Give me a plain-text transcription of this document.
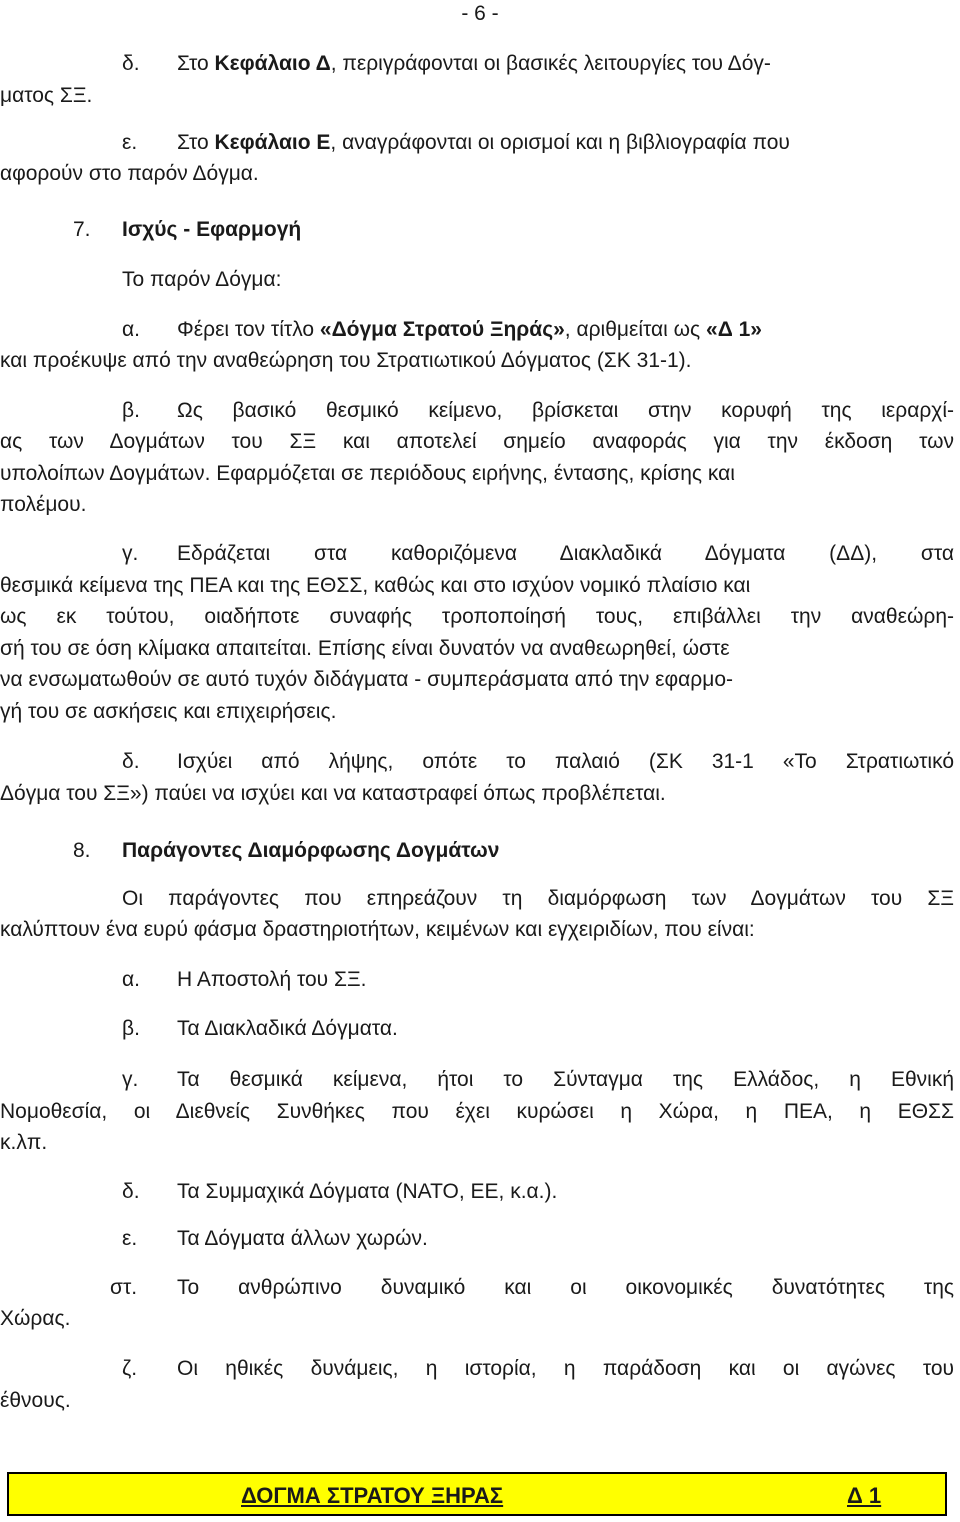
- 6 -
δ. Στο Κεφάλαιο Δ, περιγράφονται οι βασικές λειτουργίες του Δόγ-
ματος ΣΞ.
ε. Στο Κεφάλαιο Ε, αναγράφονται οι ορισμοί και η βιβλιογραφία που
αφορούν στο παρόν Δόγμα.
7. Ισχύς - Εφαρμογή
Το παρόν Δόγμα:
α. Φέρει τον τίτλο «Δόγμα Στρατού Ξηράς», αριθμείται ως «Δ 1»
και προέκυψε από την αναθεώρηση του Στρατιωτικού Δόγματος (ΣΚ 31-1).
β. Ως βασικό θεσμικό κείμενο, βρίσκεται στην κορυφή της ιεραρχί-
ας των Δογμάτων του ΣΞ και αποτελεί σημείο αναφοράς για την έκδοση των
υπολοίπων Δογμάτων. Εφαρμόζεται σε περιόδους ειρήνης, έντασης, κρίσης και
πολέμου.
γ. Εδράζεται στα καθοριζόμενα Διακλαδικά Δόγματα (ΔΔ), στα
θεσμικά κείμενα της ΠΕΑ και της ΕΘΣΣ, καθώς και στο ισχύον νομικό πλαίσιο και
ως εκ τούτου, οιαδήποτε συναφής τροποποίησή τους, επιβάλλει την αναθεώρη-
σή του σε όση κλίμακα απαιτείται. Επίσης είναι δυνατόν να αναθεωρηθεί, ώστε
να ενσωματωθούν σε αυτό τυχόν διδάγματα - συμπεράσματα από την εφαρμο-
γή του σε ασκήσεις και επιχειρήσεις.
δ. Ισχύει από λήψης, οπότε το παλαιό (ΣΚ 31-1 «Το Στρατιωτικό
Δόγμα του ΣΞ») παύει να ισχύει και να καταστραφεί όπως προβλέπεται.
8. Παράγοντες Διαμόρφωσης Δογμάτων
Οι παράγοντες που επηρεάζουν τη διαμόρφωση των Δογμάτων του ΣΞ
καλύπτουν ένα ευρύ φάσμα δραστηριοτήτων, κειμένων και εγχειριδίων, που είναι:
α. Η Αποστολή του ΣΞ.
β. Τα Διακλαδικά Δόγματα.
γ. Τα θεσμικά κείμενα, ήτοι το Σύνταγμα της Ελλάδος, η Εθνική
Νομοθεσία, οι Διεθνείς Συνθήκες που έχει κυρώσει η Χώρα, η ΠΕΑ, η ΕΘΣΣ
κ.λπ.
δ. Τα Συμμαχικά Δόγματα (ΝΑΤΟ, ΕΕ, κ.α.).
ε. Τα Δόγματα άλλων χωρών.
στ. Το ανθρώπινο δυναμικό και οι οικονομικές δυνατότητες της
Χώρας.
ζ. Οι ηθικές δυνάμεις, η ιστορία, η παράδοση και οι αγώνες του
έθνους.
ΔΟΓΜΑ ΣΤΡΑΤΟΥ ΞΗΡΑΣ	Δ 1
